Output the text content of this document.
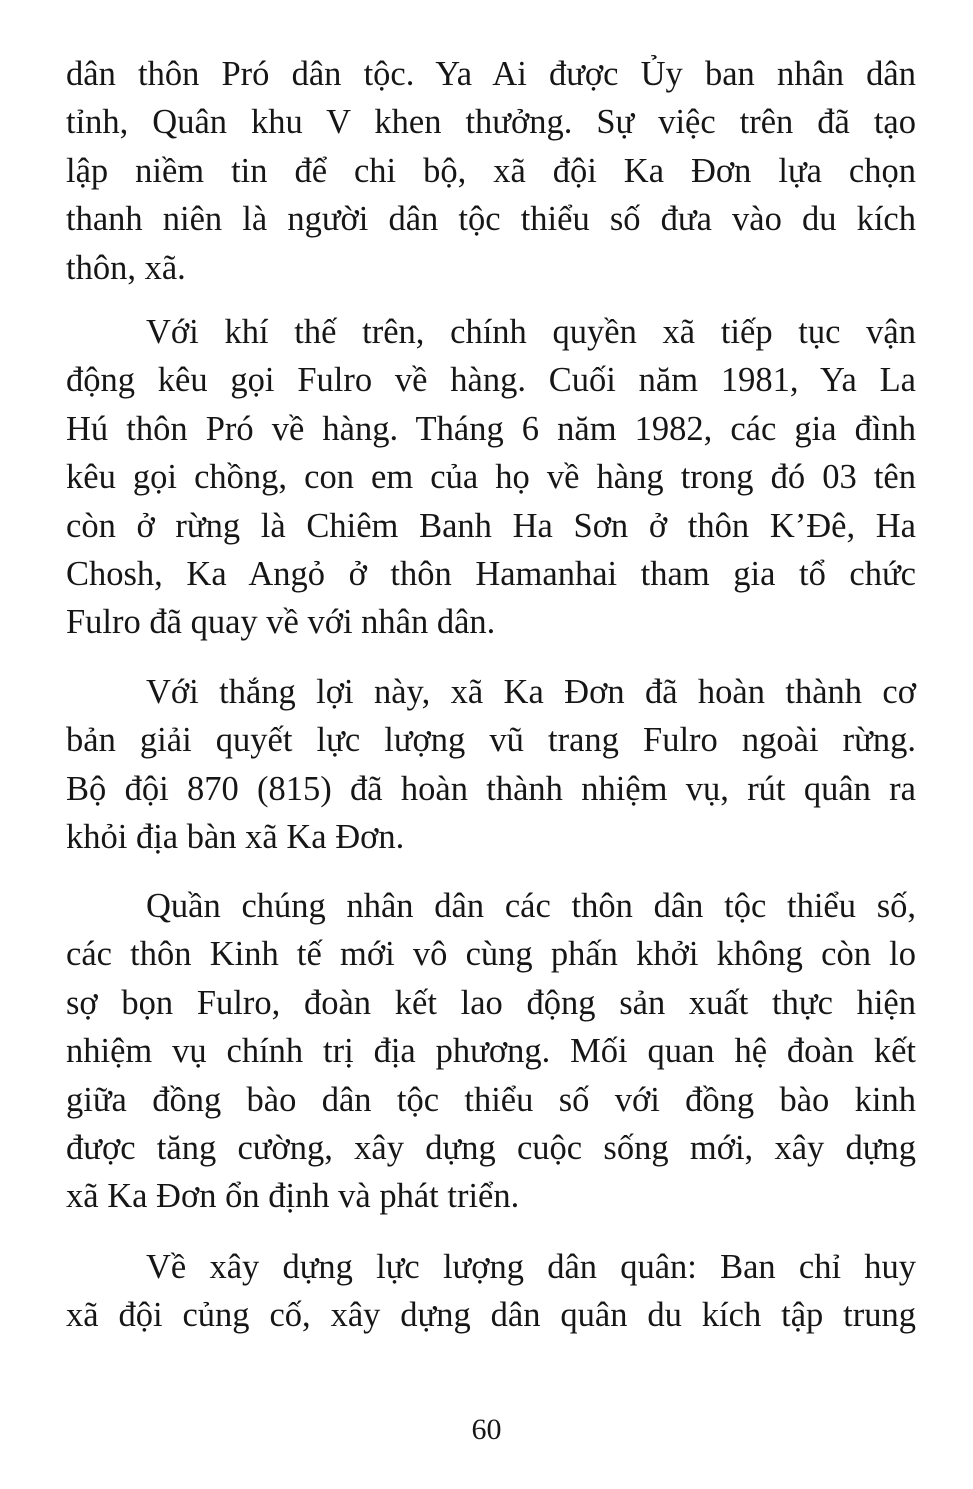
dân thôn Pró dân tộc. Ya Ai được Ủy ban nhân dân
tỉnh, Quân khu V khen thưởng. Sự việc trên đã tạo
lập niềm tin để chi bộ, xã đội Ka Đơn lựa chọn
thanh niên là người dân tộc thiểu số đưa vào du kích
thôn, xã.
Với khí thế trên, chính quyền xã tiếp tục vận
động kêu gọi Fulro về hàng. Cuối năm 1981, Ya La
Hú thôn Pró về hàng. Tháng 6 năm 1982, các gia đình
kêu gọi chồng, con em của họ về hàng trong đó 03 tên
còn ở rừng là Chiêm Banh Ha Sơn ở thôn K’Đê, Ha
Chosh, Ka Angỏ ở thôn Hamanhai tham gia tổ chức
Fulro đã quay về với nhân dân.
Với thắng lợi này, xã Ka Đơn đã hoàn thành cơ
bản giải quyết lực lượng vũ trang Fulro ngoài rừng.
Bộ đội 870 (815) đã hoàn thành nhiệm vụ, rút quân ra
khỏi địa bàn xã Ka Đơn.
Quần chúng nhân dân các thôn dân tộc thiểu số,
các thôn Kinh tế mới vô cùng phấn khởi không còn lo
sợ bọn Fulro, đoàn kết lao động sản xuất thực hiện
nhiệm vụ chính trị địa phương. Mối quan hệ đoàn kết
giữa đồng bào dân tộc thiểu số với đồng bào kinh
được tăng cường, xây dựng cuộc sống mới, xây dựng
xã Ka Đơn ổn định và phát triển.
Về xây dựng lực lượng dân quân: Ban chỉ huy
xã đội củng cố, xây dựng dân quân du kích tập trung
60
